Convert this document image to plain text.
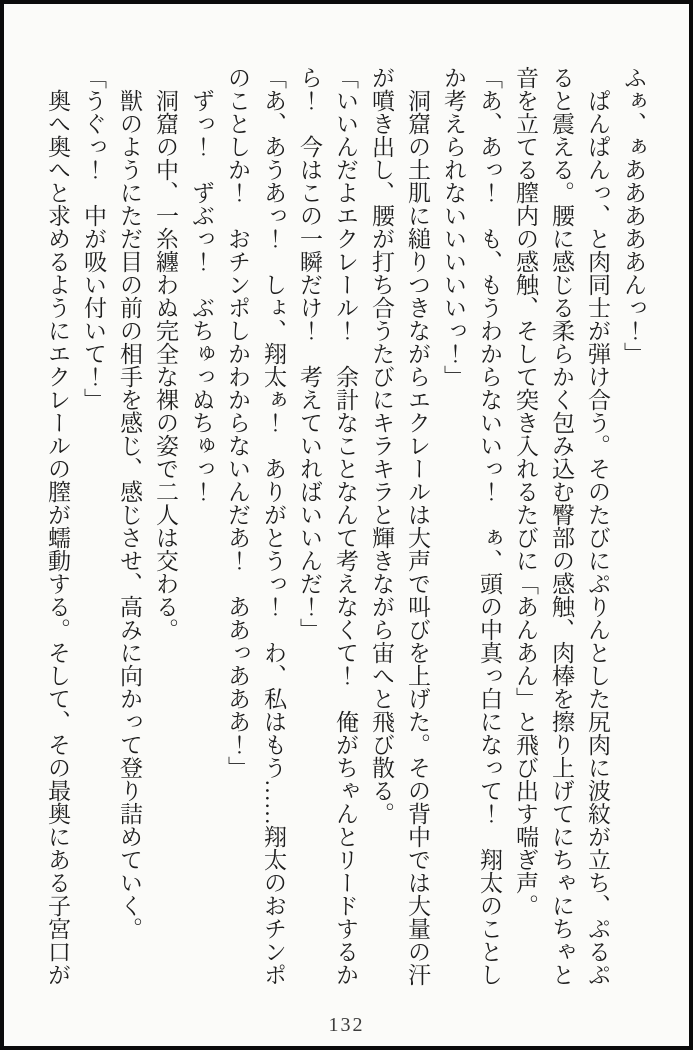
ふぁ、ぁあああああんっ！」
　ぱんぱんっ、と肉同士が弾け合う。そのたびにぷりんとした尻肉に波紋が立ち、ぷるぷ
ると震える。腰に感じる柔らかく包み込む臀部の感触、肉棒を擦り上げてにちゃにちゃと
音を立てる膣内の感触、そして突き入れるたびに「あんあん」と飛び出す喘ぎ声。
「あ、あっ！　も、もうわからないいっ！　ぁ、頭の中真っ白になって！　翔太のことし
か考えられないいいいいっ！」
　洞窟の土肌に縋りつきながらエクレールは大声で叫びを上げた。その背中では大量の汗
が噴き出し、腰が打ち合うたびにキラキラと輝きながら宙へと飛び散る。
「いいんだよエクレール！　余計なことなんて考えなくて！　俺がちゃんとリードするか
ら！　今はこの一瞬だけ！　考えていればいいんだ！」
「あ、あうあっ！　しょ、翔太ぁ！　ありがとうっ！　わ、私はもう……翔太のおチンポ
のことしか！　おチンポしかわからないんだあ！　ああっあああ！」
　ずっ！　ずぶっ！　ぶちゅっぬちゅっ！
　洞窟の中、一糸纏わぬ完全な裸の姿で二人は交わる。
　獣のようにただ目の前の相手を感じ、感じさせ、高みに向かって登り詰めていく。
「うぐっ！　中が吸い付いて！」
　奥へ奥へと求めるようにエクレールの膣が蠕動する。そして、その最奥にある子宮口が
132
